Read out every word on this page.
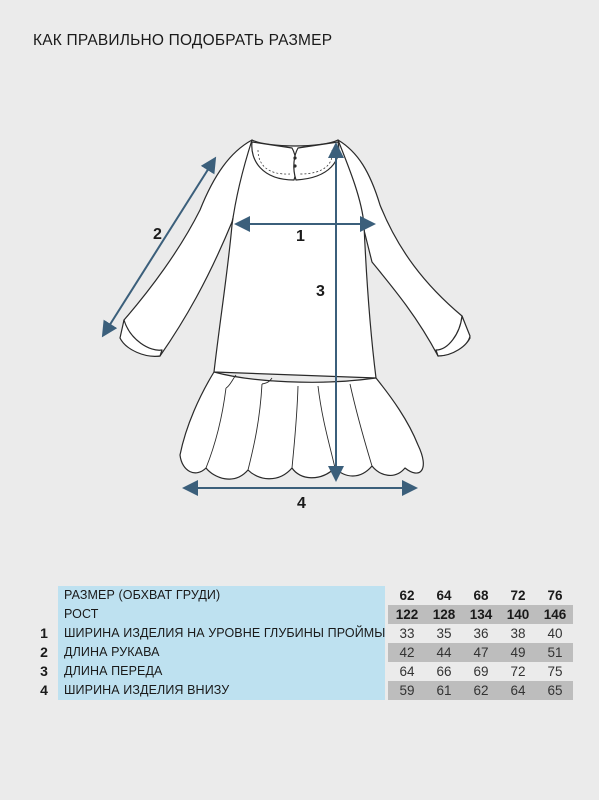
КАК ПРАВИЛЬНО ПОДОБРАТЬ РАЗМЕР
1
2
3
4
	РАЗМЕР (ОБХВАТ ГРУДИ)		62	64	68	72	76
	РОСТ		122	128	134	140	146
1	ШИРИНА ИЗДЕЛИЯ НА УРОВНЕ ГЛУБИНЫ ПРОЙМЫ		33	35	36	38	40
2	ДЛИНА РУКАВА		42	44	47	49	51
3	ДЛИНА ПЕРЕДА		64	66	69	72	75
4	ШИРИНА ИЗДЕЛИЯ ВНИЗУ		59	61	62	64	65
